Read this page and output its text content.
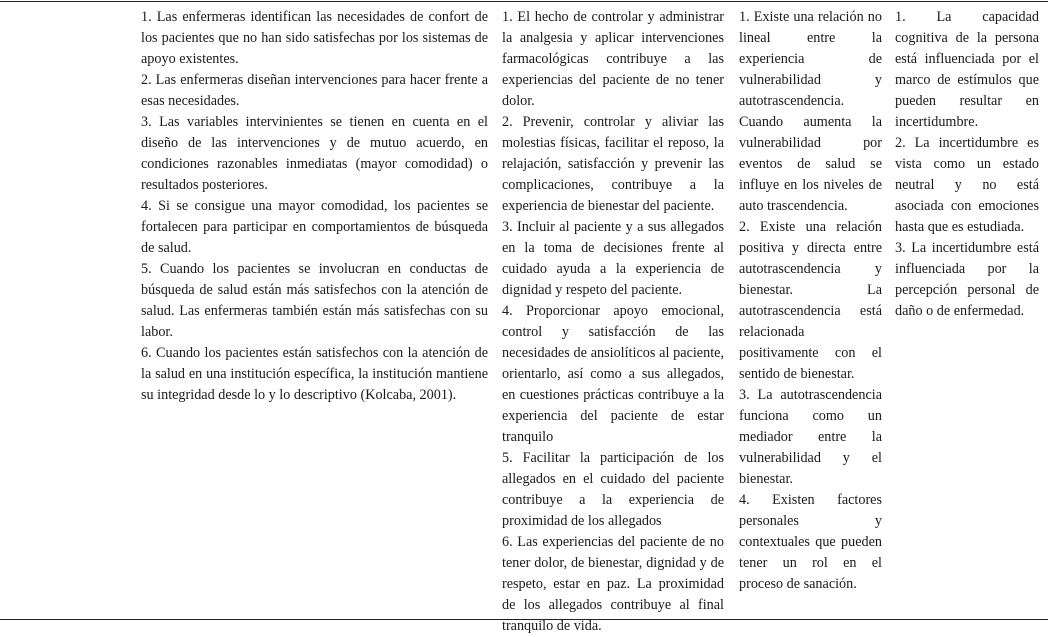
1. Las enfermeras identifican las necesidades de confort de los pacientes que no han sido satisfechas por los sistemas de apoyo existentes.

2. Las enfermeras diseñan intervenciones para hacer frente a esas necesidades.

3. Las variables intervinientes se tienen en cuenta en el diseño de las intervenciones y de mutuo acuerdo, en condiciones razonables inmediatas (mayor comodidad) o resultados posteriores.

4. Si se consigue una mayor comodidad, los pacientes se fortalecen para participar en comportamientos de búsqueda de salud.

5. Cuando los pacientes se involucran en conductas de búsqueda de salud están más satisfechos con la atención de salud. Las enfermeras también están más satisfechas con su labor.

6. Cuando los pacientes están satisfechos con la atención de la salud en una institución específica, la institución mantiene su integridad desde lo y lo descriptivo (Kolcaba, 2001).

1. El hecho de controlar y administrar la analgesia y aplicar intervenciones farmacológicas contribuye a las experiencias del paciente de no tener dolor.

2. Prevenir, controlar y aliviar las molestias físicas, facilitar el reposo, la relajación, satisfacción y prevenir las complicaciones, contribuye a la experiencia de bienestar del paciente.

3. Incluir al paciente y a sus allegados en la toma de decisiones frente al cuidado ayuda a la experiencia de dignidad y respeto del paciente.

4. Proporcionar apoyo emocional, control y satisfacción de las necesidades de ansiolíticos al paciente, orientarlo, así como a sus allegados, en cuestiones prácticas contribuye a la experiencia del paciente de estar tranquilo

5. Facilitar la participación de los allegados en el cuidado del paciente contribuye a la experiencia de proximidad de los allegados

6. Las experiencias del paciente de no tener dolor, de bienestar, dignidad y de respeto, estar en paz. La proximidad de los allegados contribuye al final tranquilo de vida.

1. Existe una relación no lineal entre la experiencia de vulnerabilidad y autotrascendencia. Cuando aumenta la vulnerabilidad por eventos de salud se influye en los niveles de auto trascendencia.

2. Existe una relación positiva y directa entre autotrascendencia y bienestar. La autotrascendencia está relacionada positivamente con el sentido de bienestar.

3. La autotrascendencia funciona como un mediador entre la vulnerabilidad y el bienestar.

4. Existen factores personales y contextuales que pueden tener un rol en el proceso de sanación.

1. La capacidad cognitiva de la persona está influenciada por el marco de estímulos que pueden resultar en incertidumbre.

2. La incertidumbre es vista como un estado neutral y no está asociada con emociones hasta que es estudiada.

3. La incertidumbre está influenciada por la percepción personal de daño o de enfermedad.
